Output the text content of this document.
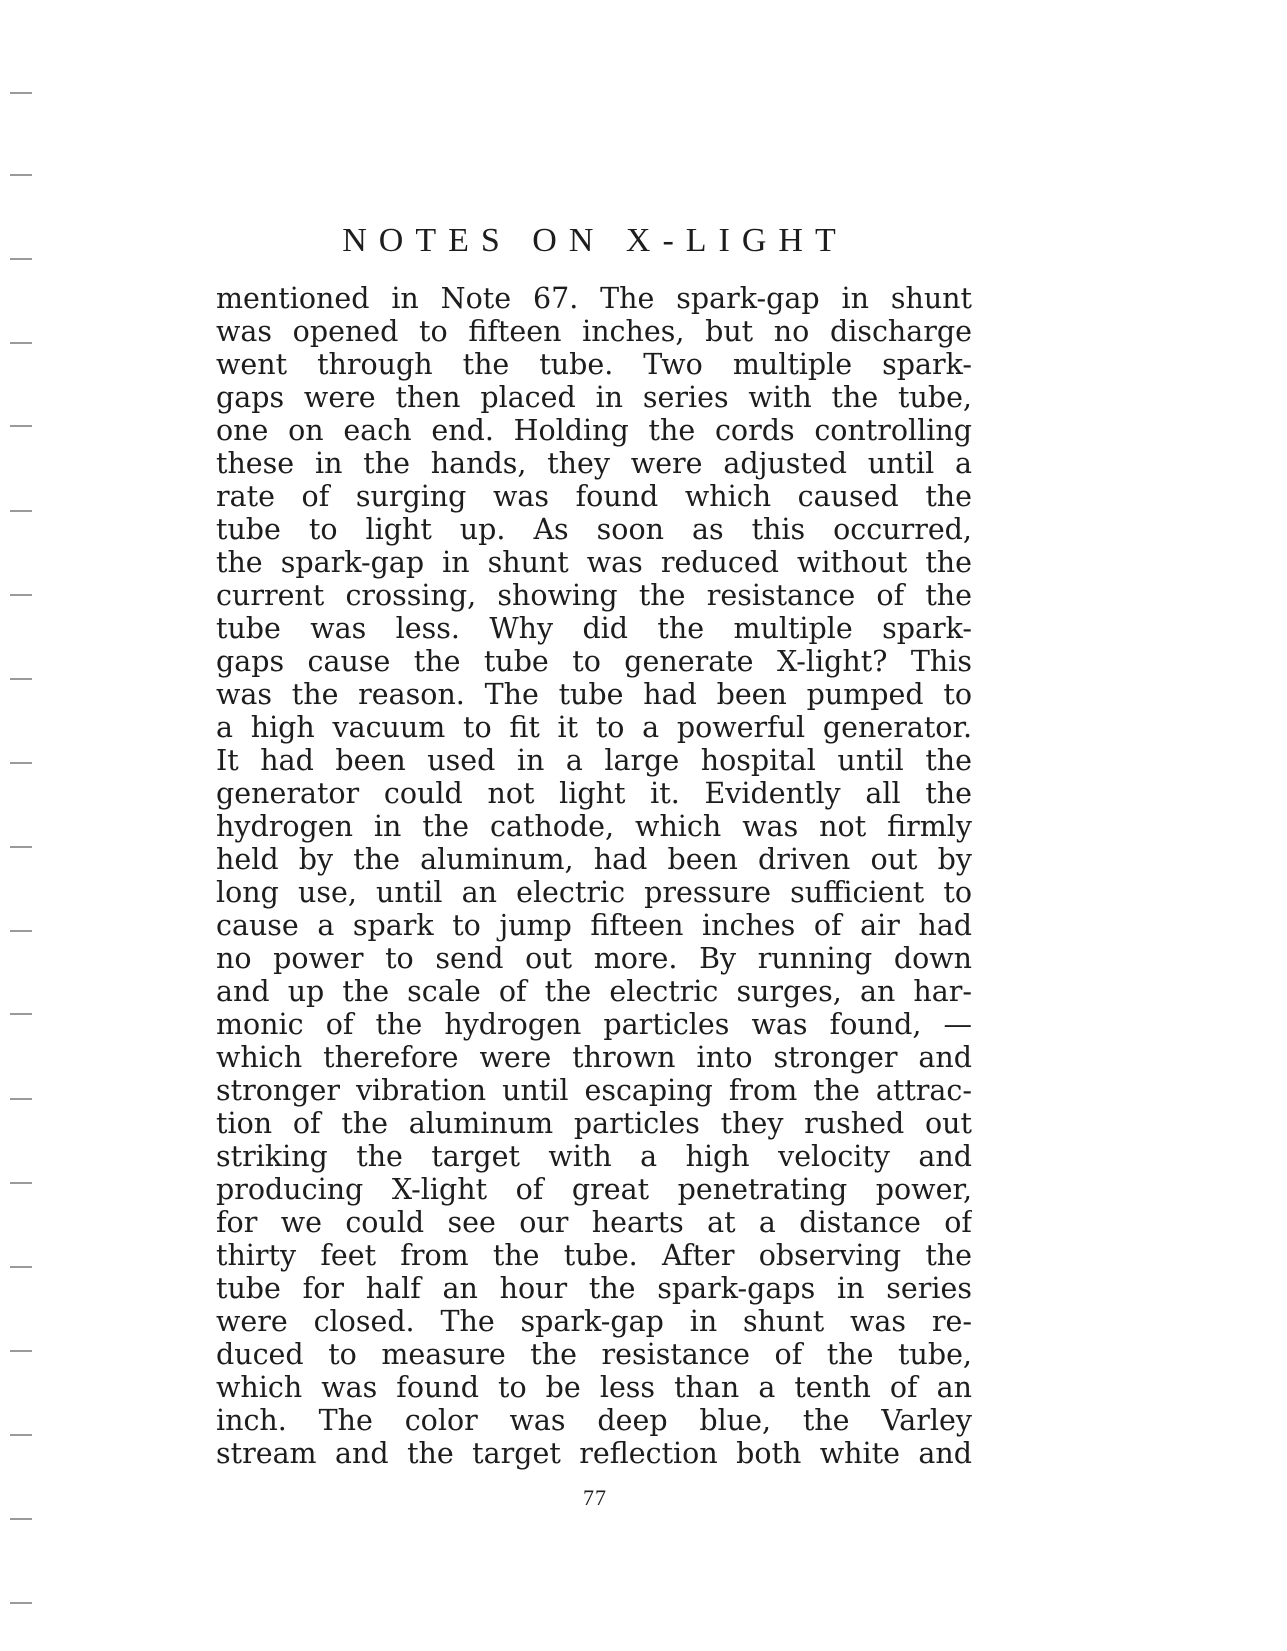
NOTES ON X-LIGHT
mentioned in Note 67. The spark-gap in shunt
was opened to fifteen inches, but no discharge
went through the tube. Two multiple spark-
gaps were then placed in series with the tube,
one on each end. Holding the cords controlling
these in the hands, they were adjusted until a
rate of surging was found which caused the
tube to light up. As soon as this occurred,
the spark-gap in shunt was reduced without the
current crossing, showing the resistance of the
tube was less. Why did the multiple spark-
gaps cause the tube to generate X-light? This
was the reason. The tube had been pumped to
a high vacuum to fit it to a powerful generator.
It had been used in a large hospital until the
generator could not light it. Evidently all the
hydrogen in the cathode, which was not firmly
held by the aluminum, had been driven out by
long use, until an electric pressure sufficient to
cause a spark to jump fifteen inches of air had
no power to send out more. By running down
and up the scale of the electric surges, an har-
monic of the hydrogen particles was found, —
which therefore were thrown into stronger and
stronger vibration until escaping from the attrac-
tion of the aluminum particles they rushed out
striking the target with a high velocity and
producing X-light of great penetrating power,
for we could see our hearts at a distance of
thirty feet from the tube. After observing the
tube for half an hour the spark-gaps in series
were closed. The spark-gap in shunt was re-
duced to measure the resistance of the tube,
which was found to be less than a tenth of an
inch. The color was deep blue, the Varley
stream and the target reflection both white and
77
